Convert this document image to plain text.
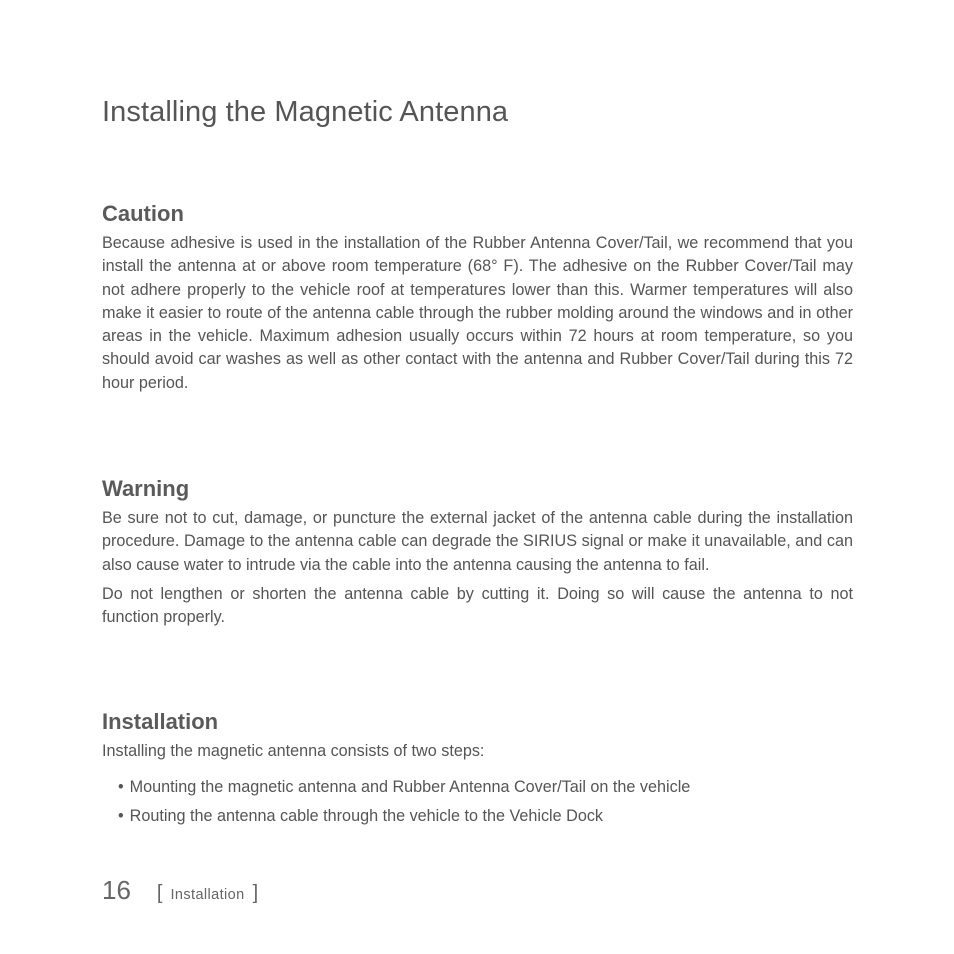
Installing the Magnetic Antenna
Caution

Because adhesive is used in the installation of the Rubber Antenna Cover/Tail, we recommend that you install the antenna at or above room temperature (68° F). The adhesive on the Rubber Cover/Tail may not adhere properly to the vehicle roof at temperatures lower than this. Warmer temperatures will also make it easier to route of the antenna cable through the rubber molding around the windows and in other areas in the vehicle. Maximum adhesion usually occurs within 72 hours at room temperature, so you should avoid car washes as well as other contact with the antenna and Rubber Cover/Tail during this 72 hour period.

Warning

Be sure not to cut, damage, or puncture the external jacket of the antenna cable during the installation procedure. Damage to the antenna cable can degrade the SIRIUS signal or make it unavailable, and can also cause water to intrude via the cable into the antenna causing the antenna to fail.

Do not lengthen or shorten the antenna cable by cutting it. Doing so will cause the antenna to not function properly.

Installation

Installing the magnetic antenna consists of two steps:

• Mounting the magnetic antenna and Rubber Antenna Cover/Tail on the vehicle
• Routing the antenna cable through the vehicle to the Vehicle Dock
16 [ Installation ]
